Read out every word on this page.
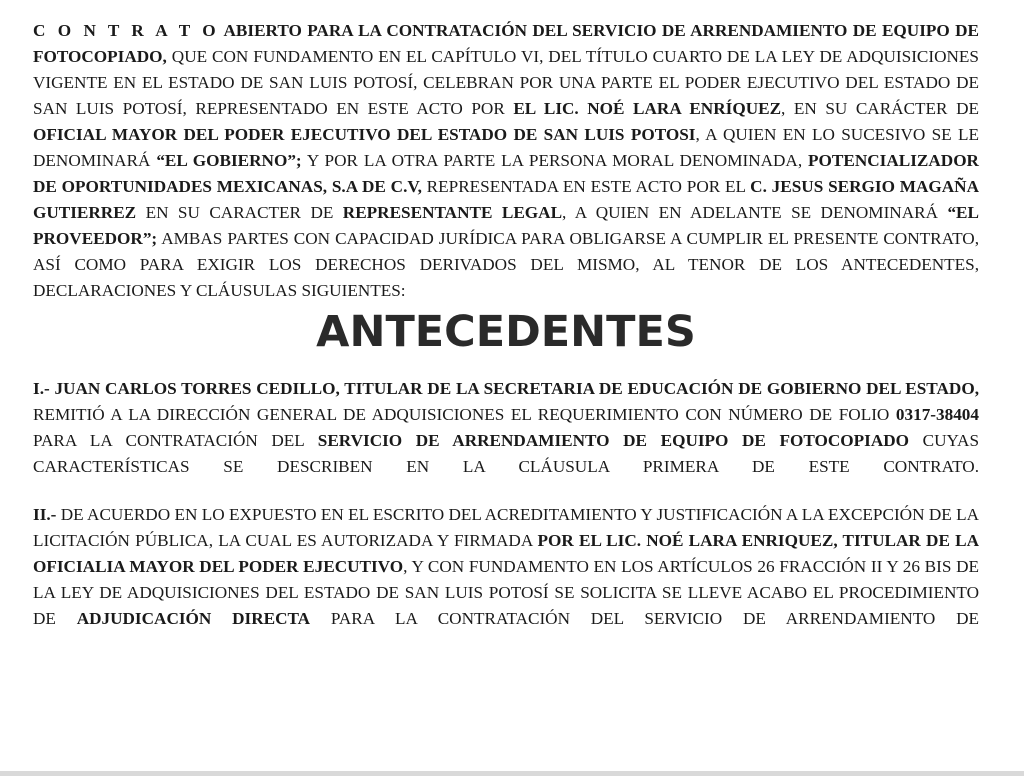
C O N T R A T O ABIERTO PARA LA CONTRATACIÓN DEL SERVICIO DE ARRENDAMIENTO DE EQUIPO DE FOTOCOPIADO, QUE CON FUNDAMENTO EN EL CAPÍTULO VI, DEL TÍTULO CUARTO DE LA LEY DE ADQUISICIONES VIGENTE EN EL ESTADO DE SAN LUIS POTOSÍ, CELEBRAN POR UNA PARTE EL PODER EJECUTIVO DEL ESTADO DE SAN LUIS POTOSÍ, REPRESENTADO EN ESTE ACTO POR EL LIC. NOÉ LARA ENRÍQUEZ, EN SU CARÁCTER DE OFICIAL MAYOR DEL PODER EJECUTIVO DEL ESTADO DE SAN LUIS POTOSI, A QUIEN EN LO SUCESIVO SE LE DENOMINARÁ “EL GOBIERNO”; Y POR LA OTRA PARTE LA PERSONA MORAL DENOMINADA, POTENCIALIZADOR DE OPORTUNIDADES MEXICANAS, S.A DE C.V, REPRESENTADA EN ESTE ACTO POR EL C. JESUS SERGIO MAGAÑA GUTIERREZ EN SU CARACTER DE REPRESENTANTE LEGAL, A QUIEN EN ADELANTE SE DENOMINARÁ “EL PROVEEDOR”; AMBAS PARTES CON CAPACIDAD JURÍDICA PARA OBLIGARSE A CUMPLIR EL PRESENTE CONTRATO, ASÍ COMO PARA EXIGIR LOS DERECHOS DERIVADOS DEL MISMO, AL TENOR DE LOS ANTECEDENTES, DECLARACIONES Y CLÁUSULAS SIGUIENTES:

ANTECEDENTES

I.- JUAN CARLOS TORRES CEDILLO, TITULAR DE LA SECRETARIA DE EDUCACIÓN DE GOBIERNO DEL ESTADO, REMITIÓ A LA DIRECCIÓN GENERAL DE ADQUISICIONES EL REQUERIMIENTO CON NÚMERO DE FOLIO 0317-38404 PARA LA CONTRATACIÓN DEL SERVICIO DE ARRENDAMIENTO DE EQUIPO DE FOTOCOPIADO CUYAS CARACTERÍSTICAS SE DESCRIBEN EN LA CLÁUSULA PRIMERA DE ESTE CONTRATO.

II.- DE ACUERDO EN LO EXPUESTO EN EL ESCRITO DEL ACREDITAMIENTO Y JUSTIFICACIÓN A LA EXCEPCIÓN DE LA LICITACIÓN PÚBLICA, LA CUAL ES AUTORIZADA Y FIRMADA POR EL LIC. NOÉ LARA ENRIQUEZ, TITULAR DE LA OFICIALIA MAYOR DEL PODER EJECUTIVO, Y CON FUNDAMENTO EN LOS ARTÍCULOS 26 FRACCIÓN II Y 26 BIS DE LA LEY DE ADQUISICIONES DEL ESTADO DE SAN LUIS POTOSÍ SE SOLICITA SE LLEVE ACABO EL PROCEDIMIENTO DE ADJUDICACIÓN DIRECTA PARA LA CONTRATACIÓN DEL SERVICIO DE ARRENDAMIENTO DE
